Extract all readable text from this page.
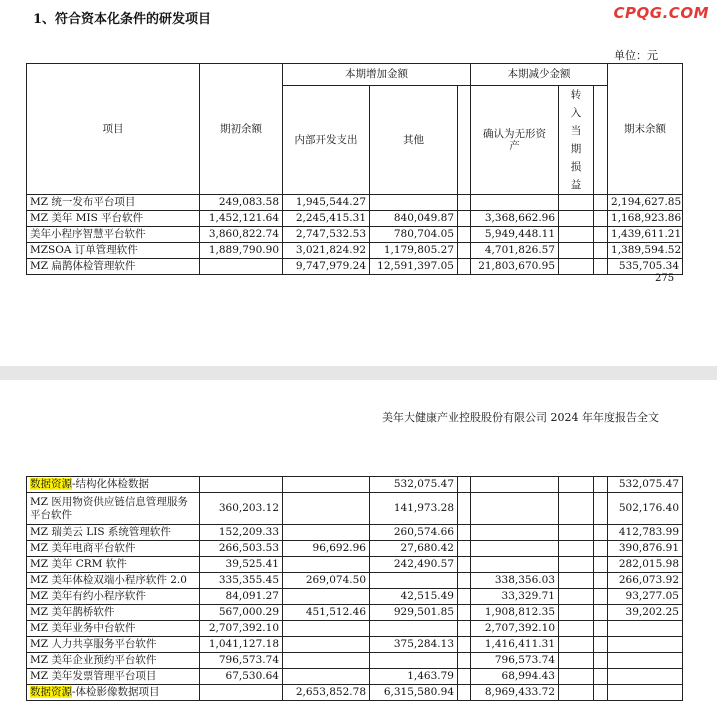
1、符合资本化条件的研发项目	CPQG.COM
单位：元
项目	期初余额	本期增加金额			本期减少金额			期末余额
		内部开发支出	其他		确认为无形资产	转入当期损益		
MZ 统一发布平台项目	249,083.58	1,945,544.27						2,194,627.85
MZ 美年 MIS 平台软件	1,452,121.64	2,245,415.31	840,049.87		3,368,662.96			1,168,923.86
美年小程序智慧平台软件	3,860,822.74	2,747,532.53	780,704.05		5,949,448.11			1,439,611.21
MZSOA 订单管理软件	1,889,790.90	3,021,824.92	1,179,805.27		4,701,826.57			1,389,594.52
MZ 扁鹊体检管理软件		9,747,979.24	12,591,397.05		21,803,670.95			535,705.34
275
美年大健康产业控股股份有限公司 2024 年年度报告全文
数据资源-结构化体检数据			532,075.47					532,075.47
MZ 医用物资供应链信息管理服务平台软件	360,203.12		141,973.28					502,176.40
MZ 瑞美云 LIS 系统管理软件	152,209.33		260,574.66					412,783.99
MZ 美年电商平台软件	266,503.53	96,692.96	27,680.42					390,876.91
MZ 美年 CRM 软件	39,525.41		242,490.57					282,015.98
MZ 美年体检双端小程序软件 2.0	335,355.45	269,074.50			338,356.03			266,073.92
MZ 美年有约小程序软件	84,091.27		42,515.49		33,329.71			93,277.05
MZ 美年鹊桥软件	567,000.29	451,512.46	929,501.85		1,908,812.35			39,202.25
MZ 美年业务中台软件	2,707,392.10				2,707,392.10			
MZ 人力共享服务平台软件	1,041,127.18		375,284.13		1,416,411.31			
MZ 美年企业预约平台软件	796,573.74				796,573.74			
MZ 美年发票管理平台项目	67,530.64		1,463.79		68,994.43			
数据资源-体检影像数据项目		2,653,852.78	6,315,580.94		8,969,433.72			
